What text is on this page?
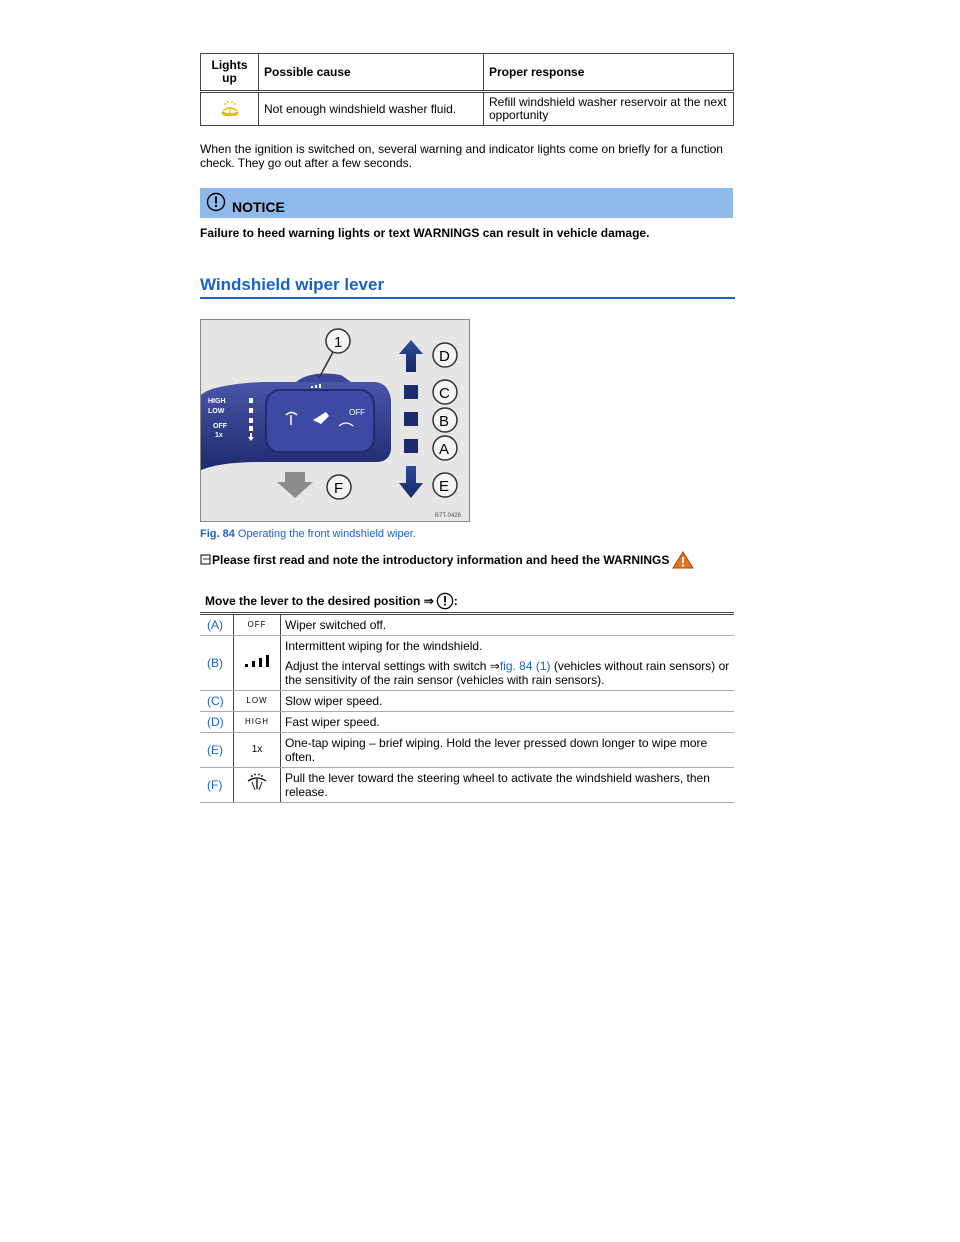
Lights up	Possible cause	Proper response
	Not enough windshield washer fluid.	Refill windshield washer reservoir at the next opportunity
When the ignition is switched on, several warning and indicator lights come on briefly for a function check. They go out after a few seconds.
NOTICE
Failure to heed warning lights or text WARNINGS can result in vehicle damage.
Windshield wiper lever
HIGH
LOW
OFF
1x
OFF
1
D
C
B
A
E
F
B7T-0426
Fig. 84 Operating the front windshield wiper.
Please first read and note the introductory information and heed the WARNINGS
Move the lever to the desired position ⇒ :
(A)	OFF	Wiper switched off.

(B)		Intermittent wiping for the windshield.

Adjust the interval settings with switch ⇒fig. 84 (1) (vehicles without rain sensors) or the sensitivity of the rain sensor (vehicles with rain sensors).

(C)	LOW	Slow wiper speed.

(D)	HIGH	Fast wiper speed.

(E)	1x	One-tap wiping – brief wiping. Hold the lever pressed down longer to wipe more often.

(F)		Pull the lever toward the steering wheel to activate the windshield washers, then release.
